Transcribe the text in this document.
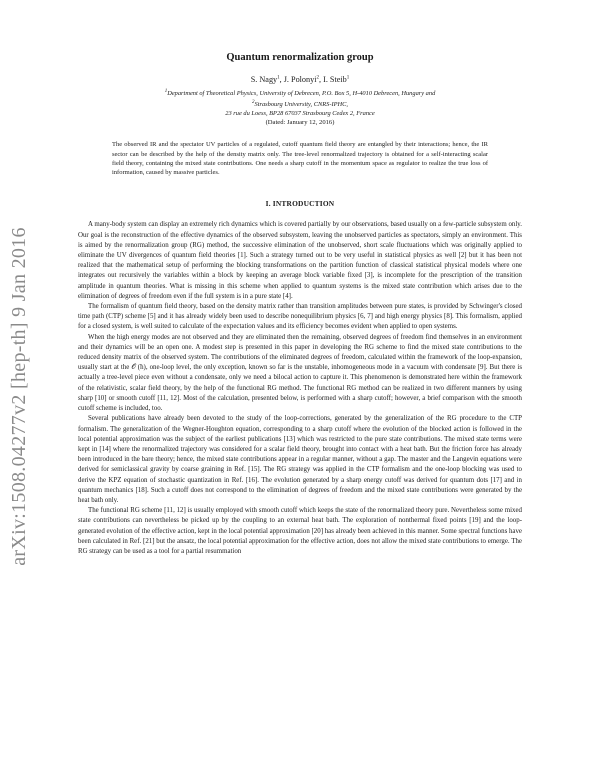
arXiv:1508.04277v2 [hep-th] 9 Jan 2016
Quantum renormalization group
S. Nagy$^1$, J. Polonyi$^2$, I. Steib$^1$
$^1$Department of Theoretical Physics, University of Debrecen, P.O. Box 5, H-4010 Debrecen, Hungary and
$^2$Strasbourg University, CNRS-IPHC,
23 rue du Loess, BP28 67037 Strasbourg Cedex 2, France
(Dated: January 12, 2016)
The observed IR and the spectator UV particles of a regulated, cutoff quantum field theory are entangled by their interactions; hence, the IR sector can be described by the help of the density matrix only. The tree-level renormalized trajectory is obtained for a self-interacting scalar field theory, containing the mixed state contributions. One needs a sharp cutoff in the momentum space as regulator to realize the true loss of information, caused by massive particles.
I. INTRODUCTION

A many-body system can display an extremely rich dynamics which is covered partially by our observations, based usually on a few-particle subsystem only. Our goal is the reconstruction of the effective dynamics of the observed subsystem, leaving the unobserved particles as spectators, simply an environment. This is aimed by the renormalization group (RG) method, the successive elimination of the unobserved, short scale fluctuations which was originally applied to eliminate the UV divergences of quantum field theories [1]. Such a strategy turned out to be very useful in statistical physics as well [2] but it has been not realized that the mathematical setup of performing the blocking transformations on the partition function of classical statistical physical models where one integrates out recursively the variables within a block by keeping an average block variable fixed [3], is incomplete for the prescription of the transition amplitude in quantum theories. What is missing in this scheme when applied to quantum systems is the mixed state contribution which arises due to the elimination of degrees of freedom even if the full system is in a pure state [4].

The formalism of quantum field theory, based on the density matrix rather than transition amplitudes between pure states, is provided by Schwinger's closed time path (CTP) scheme [5] and it has already widely been used to describe nonequilibrium physics [6, 7] and high energy physics [8]. This formalism, applied for a closed system, is well suited to calculate of the expectation values and its efficiency becomes evident when applied to open systems.

When the high energy modes are not observed and they are eliminated then the remaining, observed degrees of freedom find themselves in an environment and their dynamics will be an open one. A modest step is presented in this paper in developing the RG scheme to find the mixed state contributions to the reduced density matrix of the observed system. The contributions of the eliminated degrees of freedom, calculated within the framework of the loop-expansion, usually start at the 𝒪 (ħ), one-loop level, the only exception, known so far is the unstable, inhomogeneous mode in a vacuum with condensate [9]. But there is actually a tree-level piece even without a condensate, only we need a bilocal action to capture it. This phenomenon is demonstrated here within the framework of the relativistic, scalar field theory, by the help of the functional RG method. The functional RG method can be realized in two different manners by using sharp [10] or smooth cutoff [11, 12]. Most of the calculation, presented below, is performed with a sharp cutoff; however, a brief comparison with the smooth cutoff scheme is included, too.

Several publications have already been devoted to the study of the loop-corrections, generated by the generalization of the RG procedure to the CTP formalism. The generalization of the Wegner-Houghton equation, corresponding to a sharp cutoff where the evolution of the blocked action is followed in the local potential approximation was the subject of the earliest publications [13] which was restricted to the pure state contributions. The mixed state terms were kept in [14] where the renormalized trajectory was considered for a scalar field theory, brought into contact with a heat bath. But the friction force has already been introduced in the bare theory; hence, the mixed state contributions appear in a regular manner, without a gap. The master and the Langevin equations were derived for semiclassical gravity by coarse graining in Ref. [15]. The RG strategy was applied in the CTP formalism and the one-loop blocking was used to derive the KPZ equation of stochastic quantization in Ref. [16]. The evolution generated by a sharp energy cutoff was derived for quantum dots [17] and in quantum mechanics [18]. Such a cutoff does not correspond to the elimination of degrees of freedom and the mixed state contributions were generated by the heat bath only.

The functional RG scheme [11, 12] is usually employed with smooth cutoff which keeps the state of the renormalized theory pure. Nevertheless some mixed state contributions can nevertheless be picked up by the coupling to an external heat bath. The exploration of nonthermal fixed points [19] and the loop-generated evolution of the effective action, kept in the local potential approximation [20] has already been achieved in this manner. Some spectral functions have been calculated in Ref. [21] but the ansatz, the local potential approximation for the effective action, does not allow the mixed state contributions to emerge. The RG strategy can be used as a tool for a partial resummation
